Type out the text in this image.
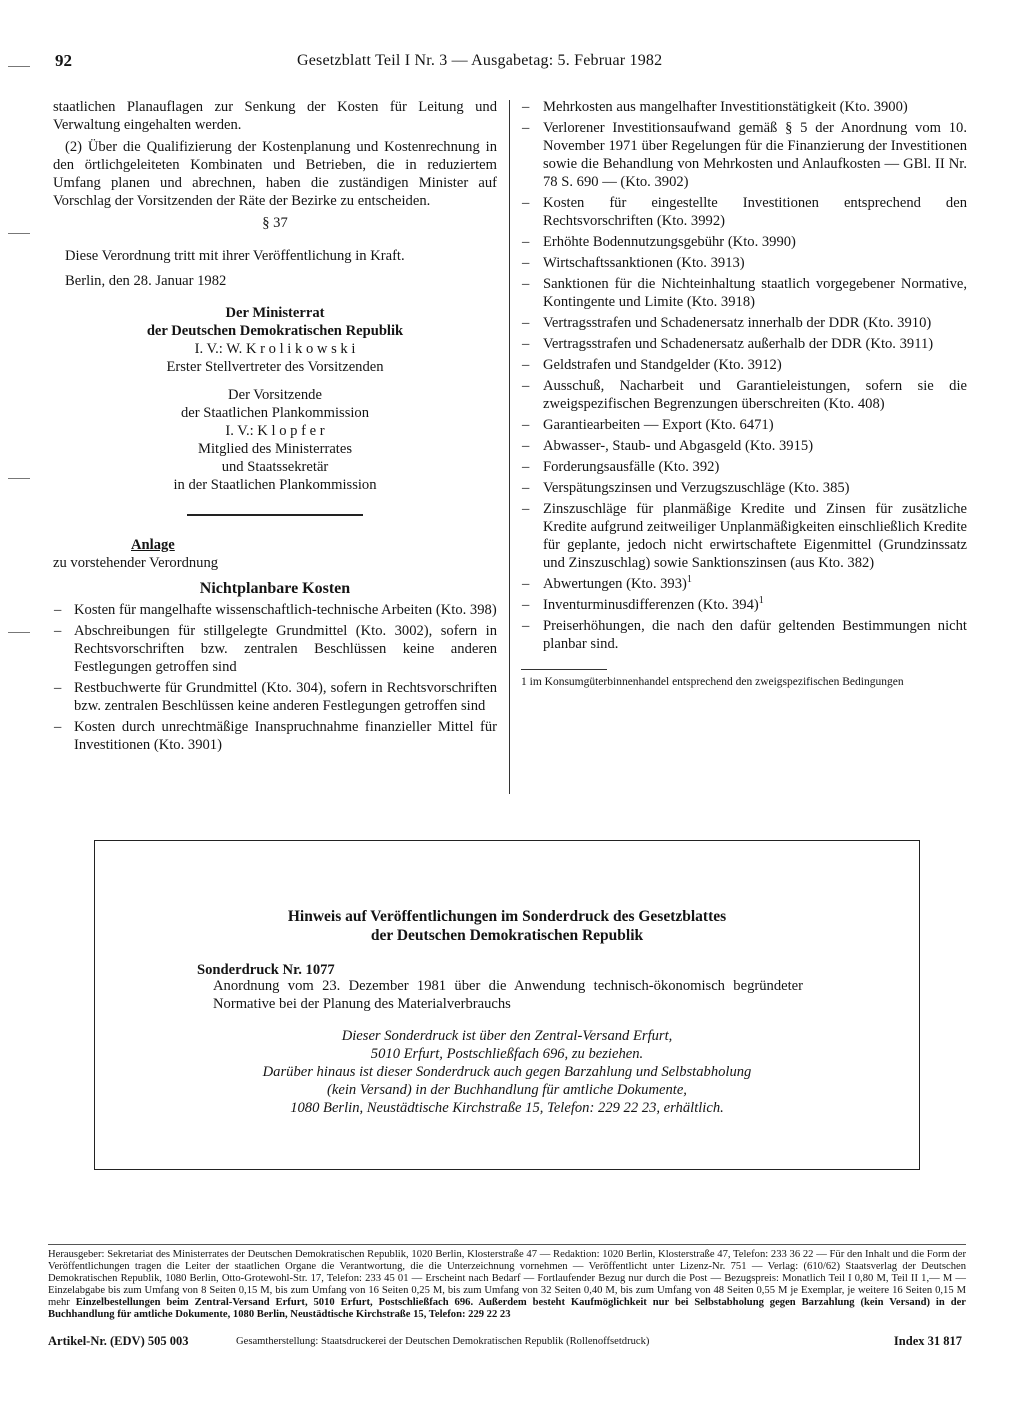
92	Gesetzblatt Teil I Nr. 3 — Ausgabetag: 5. Februar 1982

staatlichen Planauflagen zur Senkung der Kosten für Leitung und Verwaltung eingehalten werden.

(2) Über die Qualifizierung der Kostenplanung und Kostenrechnung in den örtlichgeleiteten Kombinaten und Betrieben, die in reduziertem Umfang planen und abrechnen, haben die zuständigen Minister auf Vorschlag der Vorsitzenden der Räte der Bezirke zu entscheiden.

§ 37

Diese Verordnung tritt mit ihrer Veröffentlichung in Kraft.

Berlin, den 28. Januar 1982

Der Ministerrat
der Deutschen Demokratischen Republik
I. V.: W. K r o l i k o w s k i
Erster Stellvertreter des Vorsitzenden
Der Vorsitzende
der Staatlichen Plankommission
I. V.: K l o p f e r
Mitglied des Ministerrates
und Staatssekretär
in der Staatlichen Plankommission
Anlage
zu vorstehender Verordnung
Nichtplanbare Kosten
– Kosten für mangelhafte wissenschaftlich-technische Arbeiten (Kto. 398)
– Abschreibungen für stillgelegte Grundmittel (Kto. 3002), sofern in Rechtsvorschriften bzw. zentralen Beschlüssen keine anderen Festlegungen getroffen sind
– Restbuchwerte für Grundmittel (Kto. 304), sofern in Rechtsvorschriften bzw. zentralen Beschlüssen keine anderen Festlegungen getroffen sind
– Kosten durch unrechtmäßige Inanspruchnahme finanzieller Mittel für Investitionen (Kto. 3901)
– Mehrkosten aus mangelhafter Investitionstätigkeit (Kto. 3900)
– Verlorener Investitionsaufwand gemäß § 5 der Anordnung vom 10. November 1971 über Regelungen für die Finanzierung der Investitionen sowie die Behandlung von Mehrkosten und Anlaufkosten — GBl. II Nr. 78 S. 690 — (Kto. 3902)
– Kosten für eingestellte Investitionen entsprechend den Rechtsvorschriften (Kto. 3992)
– Erhöhte Bodennutzungsgebühr (Kto. 3990)
– Wirtschaftssanktionen (Kto. 3913)
– Sanktionen für die Nichteinhaltung staatlich vorgegebener Normative, Kontingente und Limite (Kto. 3918)
– Vertragsstrafen und Schadenersatz innerhalb der DDR (Kto. 3910)
– Vertragsstrafen und Schadenersatz außerhalb der DDR (Kto. 3911)
– Geldstrafen und Standgelder (Kto. 3912)
– Ausschuß, Nacharbeit und Garantieleistungen, sofern sie die zweigspezifischen Begrenzungen überschreiten (Kto. 408)
– Garantiearbeiten — Export (Kto. 6471)
– Abwasser-, Staub- und Abgasgeld (Kto. 3915)
– Forderungsausfälle (Kto. 392)
– Verspätungszinsen und Verzugszuschläge (Kto. 385)
– Zinszuschläge für planmäßige Kredite und Zinsen für zusätzliche Kredite aufgrund zeitweiliger Unplanmäßigkeiten einschließlich Kredite für geplante, jedoch nicht erwirtschaftete Eigenmittel (Grundzinssatz und Zinszuschlag) sowie Sanktionszinsen (aus Kto. 382)
– Abwertungen (Kto. 393)$^1$
– Inventurminusdifferenzen (Kto. 394)$^1$
– Preiserhöhungen, die nach den dafür geltenden Bestimmungen nicht planbar sind.
1 im Konsumgüterbinnenhandel entsprechend den zweigspezifischen Bedingungen
Hinweis auf Veröffentlichungen im Sonderdruck des Gesetzblattes
der Deutschen Demokratischen Republik
Sonderdruck Nr. 1077
Anordnung vom 23. Dezember 1981 über die Anwendung technisch-ökonomisch begründeter Normative bei der Planung des Materialverbrauchs
Dieser Sonderdruck ist über den Zentral-Versand Erfurt,
5010 Erfurt, Postschließfach 696, zu beziehen.
Darüber hinaus ist dieser Sonderdruck auch gegen Barzahlung und Selbstabholung
(kein Versand) in der Buchhandlung für amtliche Dokumente,
1080 Berlin, Neustädtische Kirchstraße 15, Telefon: 229 22 23, erhältlich.
Herausgeber: Sekretariat des Ministerrates der Deutschen Demokratischen Republik, 1020 Berlin, Klosterstraße 47 — Redaktion: 1020 Berlin, Klosterstraße 47, Telefon: 233 36 22 — Für den Inhalt und die Form der Veröffentlichungen tragen die Leiter der staatlichen Organe die Verantwortung, die die Unterzeichnung vornehmen — Veröffentlicht unter Lizenz-Nr. 751 — Verlag: (610/62) Staatsverlag der Deutschen Demokratischen Republik, 1080 Berlin, Otto-Grotewohl-Str. 17, Telefon: 233 45 01 — Erscheint nach Bedarf — Fortlaufender Bezug nur durch die Post — Bezugspreis: Monatlich Teil I 0,80 M, Teil II 1,— M — Einzelabgabe bis zum Umfang von 8 Seiten 0,15 M, bis zum Umfang von 16 Seiten 0,25 M, bis zum Umfang von 32 Seiten 0,40 M, bis zum Umfang von 48 Seiten 0,55 M je Exemplar, je weitere 16 Seiten 0,15 M mehr Einzelbestellungen beim Zentral-Versand Erfurt, 5010 Erfurt, Postschließfach 696. Außerdem besteht Kaufmöglichkeit nur bei Selbstabholung gegen Barzahlung (kein Versand) in der Buchhandlung für amtliche Dokumente, 1080 Berlin, Neustädtische Kirchstraße 15, Telefon: 229 22 23
Artikel-Nr. (EDV) 505 003	Gesamtherstellung: Staatsdruckerei der Deutschen Demokratischen Republik (Rollenoffsetdruck)	Index 31 817
